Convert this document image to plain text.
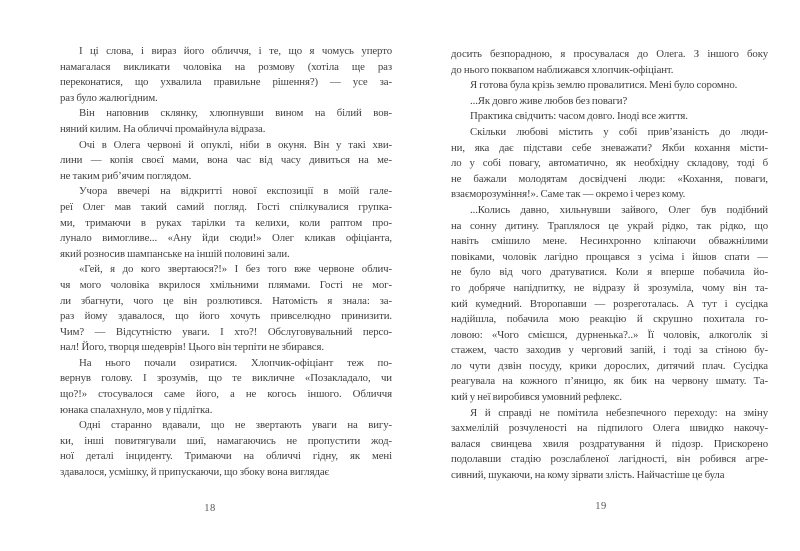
І ці слова, і вираз його обличчя, і те, що я чомусь уперто
намагалася викликати чоловіка на розмову (хотіла ще раз
переконатися, що ухвалила правильне рішення?) — усе за-
раз було жалюгідним.
Він наповнив склянку, хлюпнувши вином на білий вов-
няний килим. На обличчі промайнула відраза.
Очі в Олега червоні й опуклі, ніби в окуня. Він у такі хви-
лини — копія своєї мами, вона час від часу дивиться на ме-
не таким риб’ячим поглядом.
Учора ввечері на відкритті нової експозиції в моїй гале-
реї Олег мав такий самий погляд. Гості спілкувалися групка-
ми, тримаючи в руках тарілки та келихи, коли раптом про-
лунало вимогливе... «Ану йди сюди!» Олег кликав офіціанта,
який розносив шампанське на іншій половині зали.
«Гей, я до кого звертаюся?!» І без того вже червоне облич-
чя мого чоловіка вкрилося хмільними плямами. Гості не мог-
ли збагнути, чого це він розлютився. Натомість я знала: за-
раз йому здавалося, що його хочуть привселюдно принизити.
Чим? — Відсутністю уваги. І хто?! Обслуговувальний персо-
нал! Його, творця шедеврів! Цього він терпіти не збирався.
На нього почали озиратися. Хлопчик-офіціант теж по-
вернув голову. І зрозумів, що те викличне «Позакладало, чи
що?!» стосувалося саме його, а не когось іншого. Обличчя
юнака спалахнуло, мов у підлітка.
Одні старанно вдавали, що не звертають уваги на вигу-
ки, інші повитягували шиї, намагаючись не пропустити жод-
ної деталі інциденту. Тримаючи на обличчі гідну, як мені
здавалося, усмішку, й припускаючи, що збоку вона виглядає
досить безпорадною, я просувалася до Олега. З іншого боку
до нього поквапом наближався хлопчик-офіціант.
Я готова була крізь землю провалитися. Мені було соромно.
...Як довго живе любов без поваги?
Практика свідчить: часом довго. Іноді все життя.
Скільки любові містить у собі прив’язаність до люди-
ни, яка дає підстави себе зневажати? Якби кохання місти-
ло у собі повагу, автоматично, як необхідну складову, тоді б
не бажали молодятам досвідчені люди: «Кохання, поваги,
взаєморозуміння!». Саме так — окремо і через кому.
...Колись давно, хильнувши зайвого, Олег був подібний
на сонну дитину. Траплялося це украй рідко, так рідко, що
навіть смішило мене. Несинхронно кліпаючи обважнілими
повіками, чоловік лагідно прощався з усіма і йшов спати —
не було від чого дратуватися. Коли я вперше побачила йо-
го добряче напідпитку, не відразу й зрозуміла, чому він та-
кий кумедний. Второпавши — розреготалась. А тут і сусідка
надійшла, побачила мою реакцію й скрушно похитала го-
ловою: «Чого смієшся, дурненька?..» Її чоловік, алкоголік зі
стажем, часто заходив у черговий запій, і тоді за стіною бу-
ло чути дзвін посуду, крики дорослих, дитячий плач. Сусідка
реагувала на кожного п’яницю, як бик на червону шмату. Та-
кий у неї виробився умовний рефлекс.
Я й справді не помітила небезпечного переходу: на зміну
захмелілій розчуленості на підпилого Олега швидко накочу-
валася свинцева хвиля роздратування й підозр. Прискорено
подолавши стадію розслабленої лагідності, він робився агре-
сивний, шукаючи, на кому зірвати злість. Найчастіше це була
18	19
